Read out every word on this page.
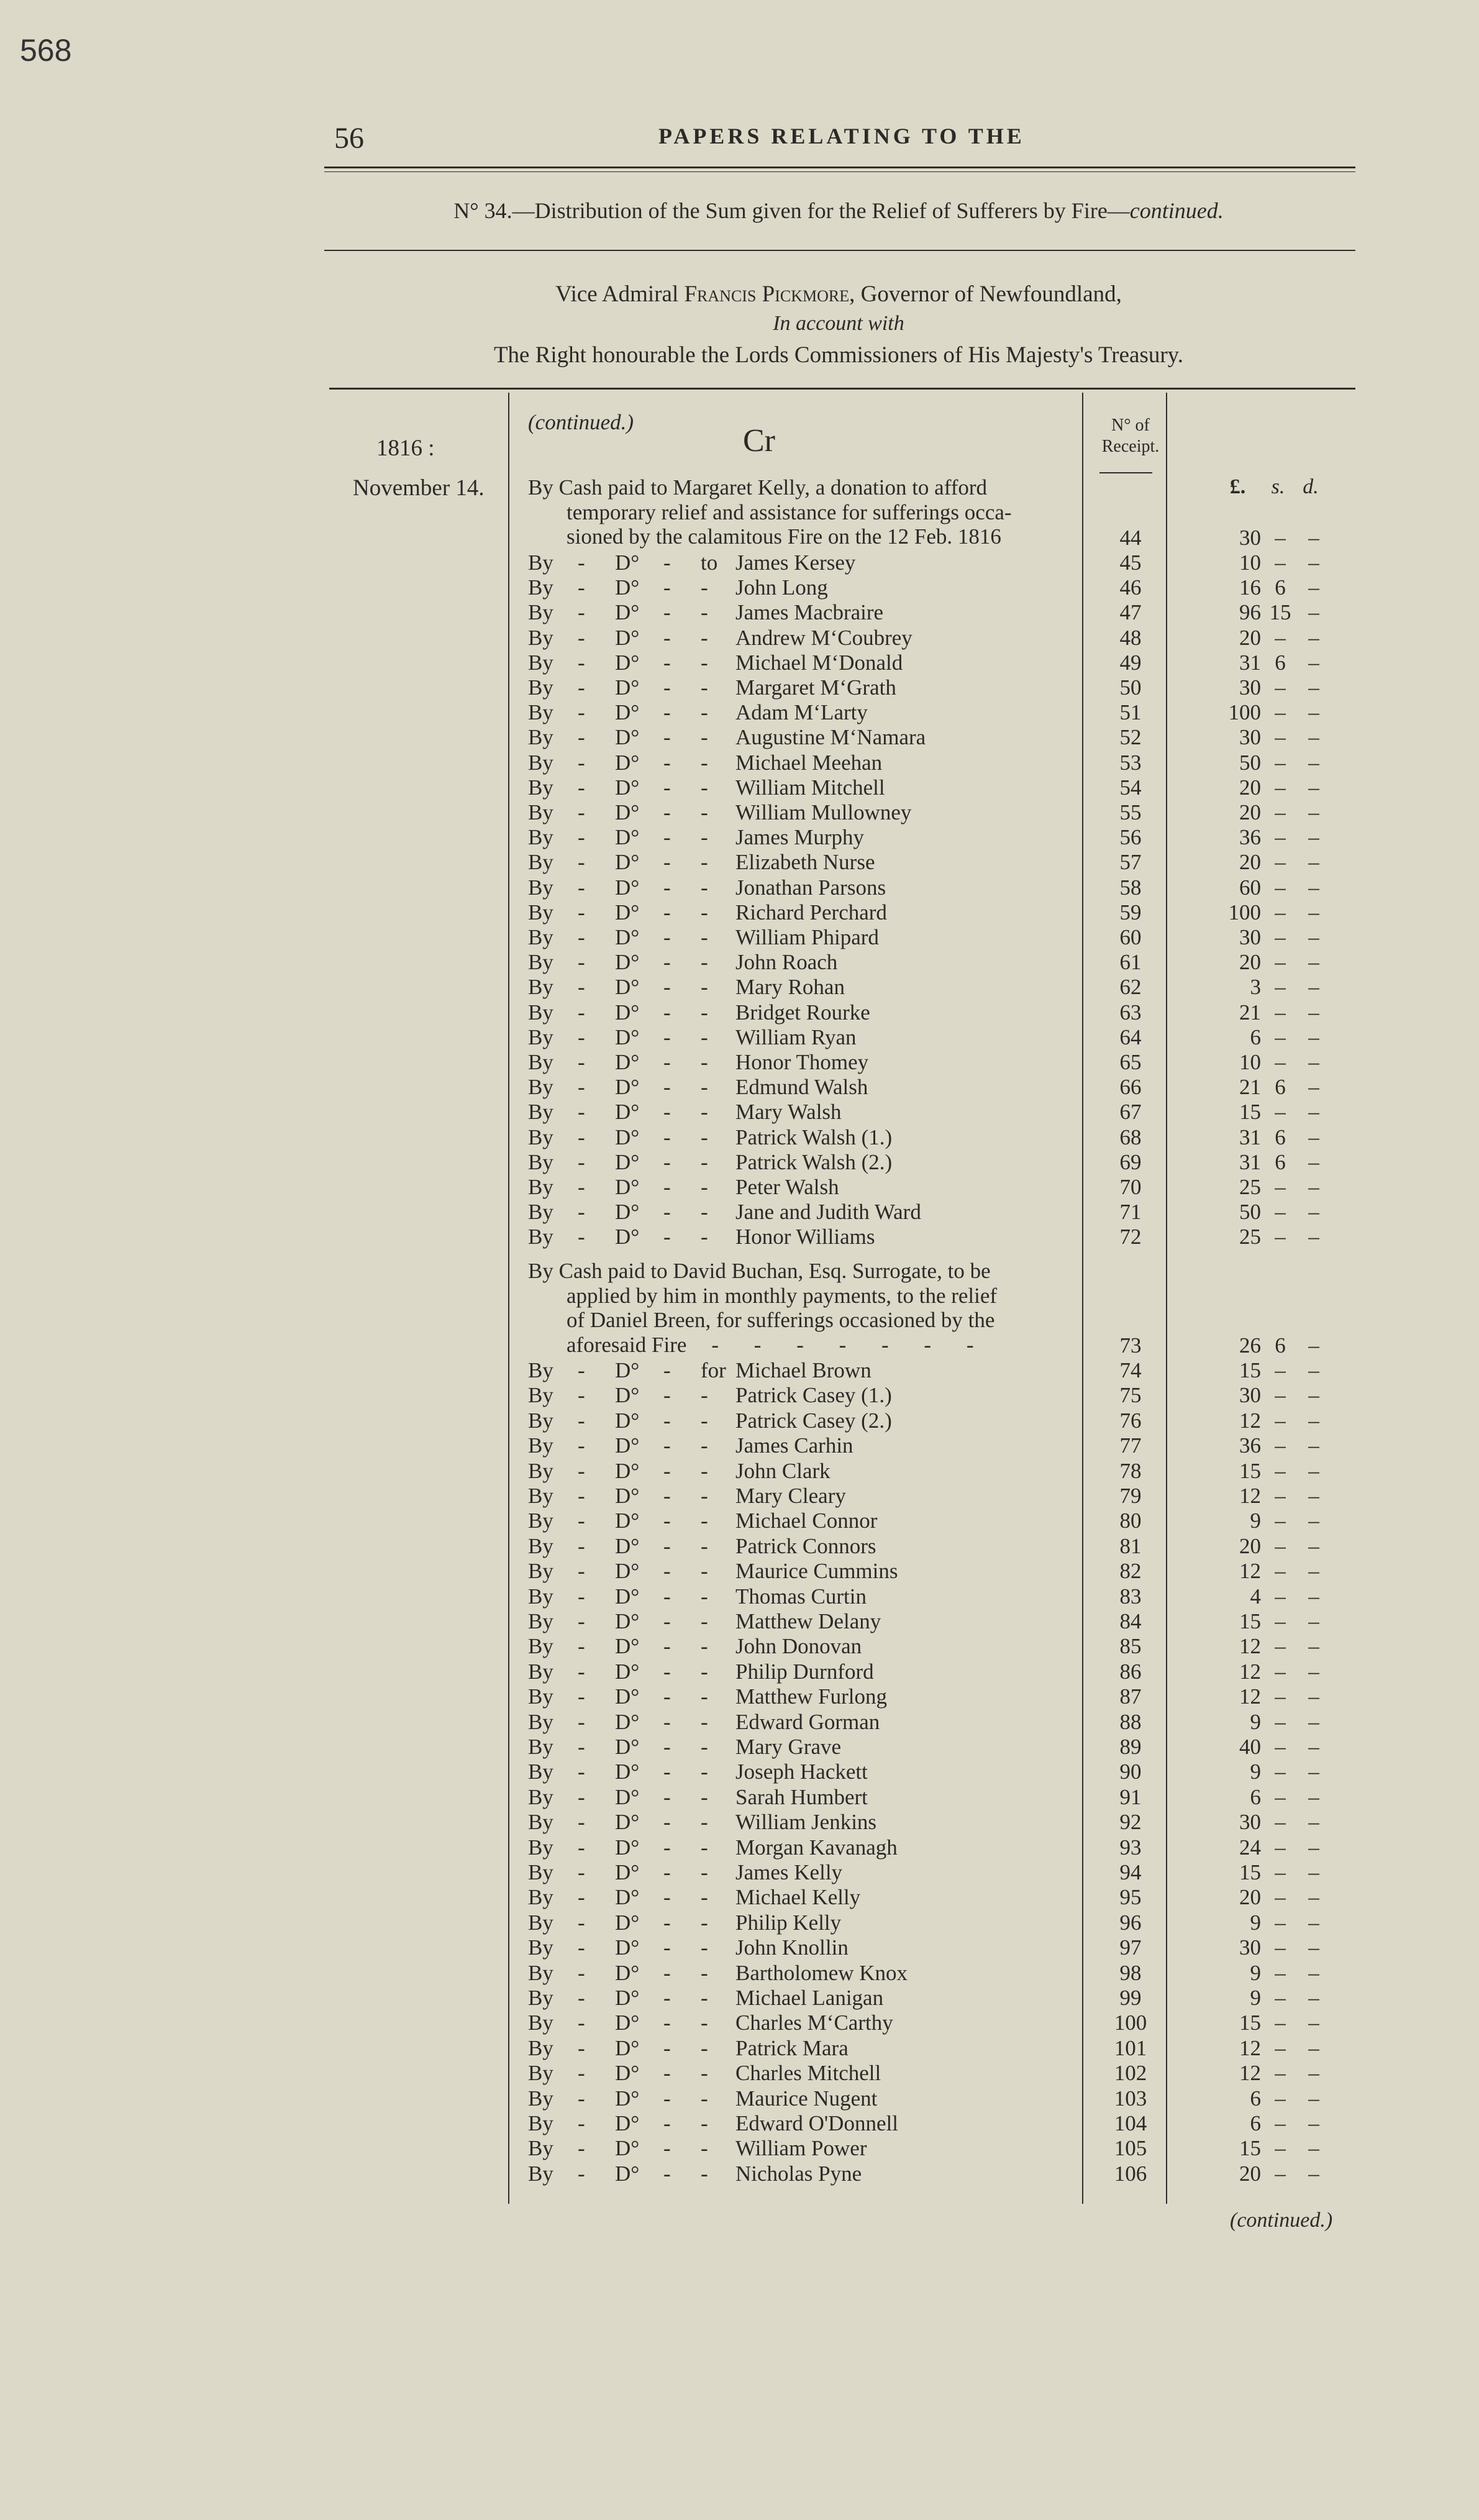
568
56	PAPERS RELATING TO THE
N° 34.—Distribution of the Sum given for the Relief of Sufferers by Fire—continued.
Vice Admiral Francis Pickmore, Governor of Newfoundland,
In account with
The Right honourable the Lords Commissioners of His Majesty's Treasury.
1816 :
(continued.)
Cr	N° of
Receipt.
November 14.	£. s. d.
By Cash paid to Margaret Kelly, a donation to afford
temporary relief and assistance for sufferings occa-
sioned by the calamitous Fire on the 12 Feb. 1816	44	30 –	–
By - D° - to James Kersey	45	10 –	–
By - D° - - John Long	46	16 6	–
By - D° - - James Macbraire	47	96 15 –
By - D° - - Andrew M‘Coubrey	48	20 –	–
By - D° - - Michael M‘Donald	49	31 6	–
By - D° - - Margaret M‘Grath	50	30 –	–
By - D° - - Adam M‘Larty	51	100 –	–
By - D° - - Augustine M‘Namara	52	30 –	–
By - D° - - Michael Meehan	53	50 –	–
By - D° - - William Mitchell	54	20 –	–
By - D° - - William Mullowney	55	20 –	–
By - D° - - James Murphy	56	36 –	–
By - D° - - Elizabeth Nurse	57	20 –	–
By - D° - - Jonathan Parsons	58	60 –	–
By - D° - - Richard Perchard	59	100 –	–
By - D° - - William Phipard	60	30 –	–
By - D° - - John Roach	61	20 –	–
By - D° - - Mary Rohan	62	3 –	–
By - D° - - Bridget Rourke	63	21 –	–
By - D° - - William Ryan	64	6 –	–
By - D° - - Honor Thomey	65	10 –	–
By - D° - - Edmund Walsh	66	21 6	–
By - D° - - Mary Walsh	67	15 –	–
By - D° - - Patrick Walsh (1.)	68	31 6	–
By - D° - - Patrick Walsh (2.)	69	31 6	–
By - D° - - Peter Walsh	70	25 –	–
By - D° - - Jane and Judith Ward	71	50 –	–
By - D° - - Honor Williams	72	25 –	–
By Cash paid to David Buchan, Esq. Surrogate, to be
applied by him in monthly payments, to the relief
of Daniel Breen, for sufferings occasioned by the
aforesaid Fire - - - - - - -	73	26 6	–
By - D° - for Michael Brown	74	15 –	–
By - D° - - Patrick Casey (1.)	75	30 –	–
By - D° - - Patrick Casey (2.)	76	12 –	–
By - D° - - James Carhin	77	36 –	–
By - D° - - John Clark	78	15 –	–
By - D° - - Mary Cleary	79	12 –	–
By - D° - - Michael Connor	80	9 –	–
By - D° - - Patrick Connors	81	20 –	–
By - D° - - Maurice Cummins	82	12 –	–
By - D° - - Thomas Curtin	83	4 –	–
By - D° - - Matthew Delany	84	15 –	–
By - D° - - John Donovan	85	12 –	–
By - D° - - Philip Durnford	86	12 –	–
By - D° - - Matthew Furlong	87	12 –	–
By - D° - - Edward Gorman	88	9 –	–
By - D° - - Mary Grave	89	40 –	–
By - D° - - Joseph Hackett	90	9 –	–
By - D° - - Sarah Humbert	91	6 –	–
By - D° - - William Jenkins	92	30 –	–
By - D° - - Morgan Kavanagh	93	24 –	–
By - D° - - James Kelly	94	15 –	–
By - D° - - Michael Kelly	95	20 –	–
By - D° - - Philip Kelly	96	9 –	–
By - D° - - John Knollin	97	30 –	–
By - D° - - Bartholomew Knox	98	9 –	–
By - D° - - Michael Lanigan	99	9 –	–
By - D° - - Charles M‘Carthy	100	15 –	–
By - D° - - Patrick Mara	101	12 –	–
By - D° - - Charles Mitchell	102	12 –	–
By - D° - - Maurice Nugent	103	6 –	–
By - D° - - Edward O'Donnell	104	6 –	–
By - D° - - William Power	105	15 –	–
By - D° - - Nicholas Pyne	106	20 –	–
(continued.)
